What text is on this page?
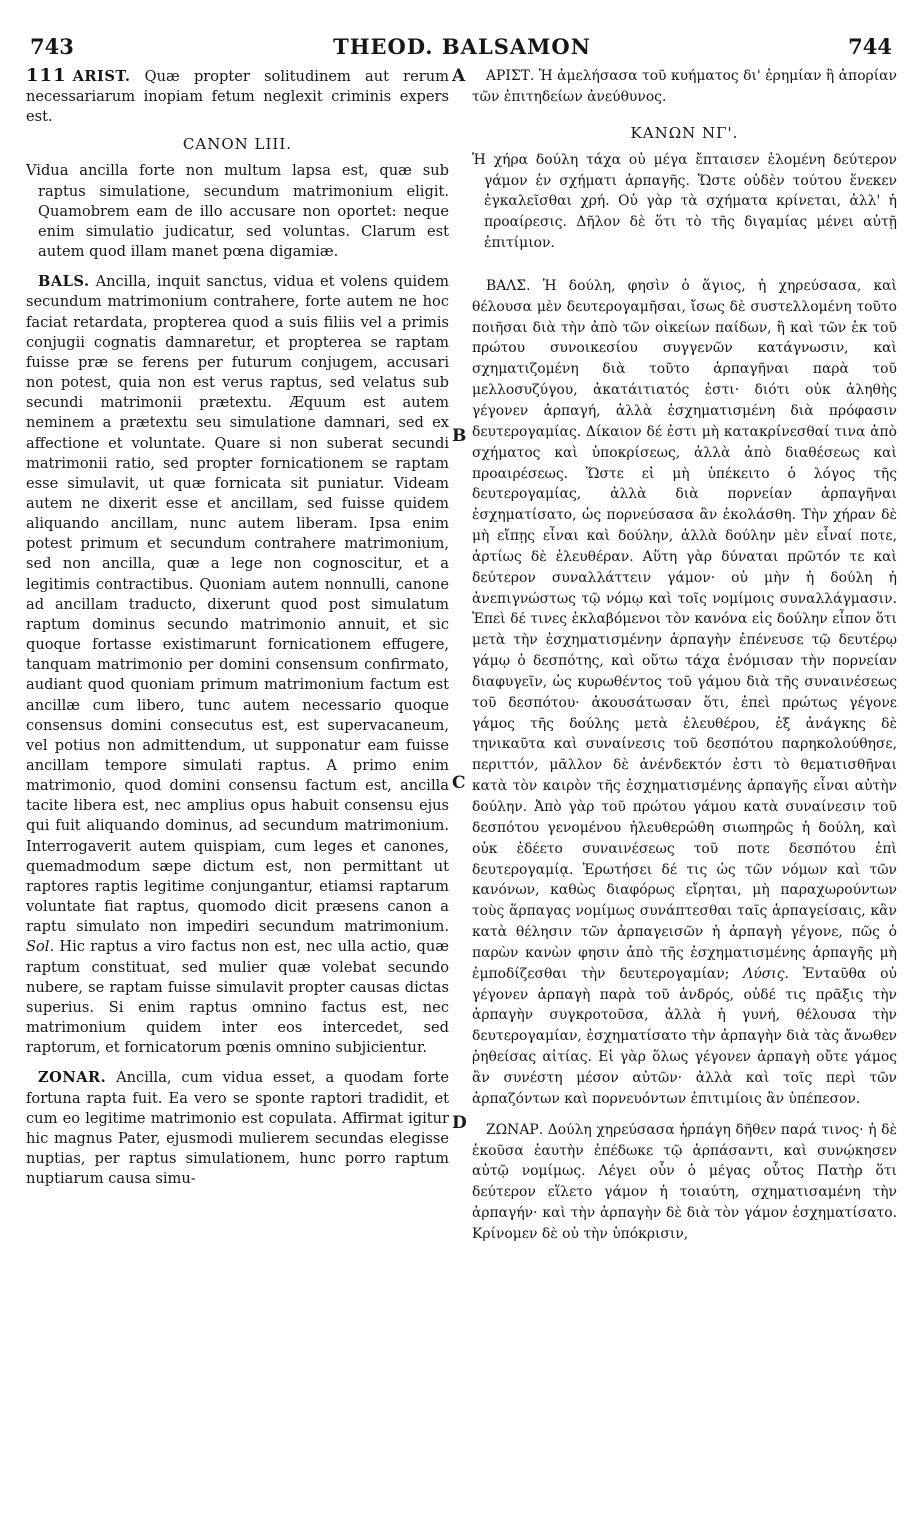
743	THEOD. BALSAMON	744
A
B
C
D

111 ARIST. Quæ propter solitudinem aut rerum necessariarum inopiam fetum neglexit criminis expers est.

CANON LIII.

Vidua ancilla forte non multum lapsa est, quæ sub raptus simulatione, secundum matrimonium eligit. Quamobrem eam de illo accusare non oportet: neque enim simulatio judicatur, sed voluntas. Clarum est autem quod illam manet pœna digamiæ.

BALS. Ancilla, inquit sanctus, vidua et volens quidem secundum matrimonium contrahere, forte autem ne hoc faciat retardata, propterea quod a suis filiis vel a primis conjugii cognatis damnaretur, et propterea se raptam fuisse præ se ferens per futurum conjugem, accusari non potest, quia non est verus raptus, sed velatus sub secundi matrimonii prætextu. Æquum est autem neminem a prætextu seu simulatione damnari, sed ex affectione et voluntate. Quare si non suberat secundi matrimonii ratio, sed propter fornicationem se raptam esse simulavit, ut quæ fornicata sit puniatur. Videam autem ne dixerit esse et ancillam, sed fuisse quidem aliquando ancillam, nunc autem liberam. Ipsa enim potest primum et secundum contrahere matrimonium, sed non ancilla, quæ a lege non cognoscitur, et a legitimis contractibus. Quoniam autem nonnulli, canone ad ancillam traducto, dixerunt quod post simulatum raptum dominus secundo matrimonio annuit, et sic quoque fortasse existimarunt fornicationem effugere, tanquam matrimonio per domini consensum confirmato, audiant quod quoniam primum matrimonium factum est ancillæ cum libero, tunc autem necessario quoque consensus domini consecutus est, est supervacaneum, vel potius non admittendum, ut supponatur eam fuisse ancillam tempore simulati raptus. A primo enim matrimonio, quod domini consensu factum est, ancilla tacite libera est, nec amplius opus habuit consensu ejus qui fuit aliquando dominus, ad secundum matrimonium. Interrogaverit autem quispiam, cum leges et canones, quemadmodum sæpe dictum est, non permittant ut raptores raptis legitime conjungantur, etiamsi raptarum voluntate fiat raptus, quomodo dicit præsens canon a raptu simulato non impediri secundum matrimonium. Sol. Hic raptus a viro factus non est, nec ulla actio, quæ raptum constituat, sed mulier quæ volebat secundo nubere, se raptam fuisse simulavit propter causas dictas superius. Si enim raptus omnino factus est, nec matrimonium quidem inter eos intercedet, sed raptorum, et fornicatorum pœnis omnino subjicientur.

ZONAR. Ancilla, cum vidua esset, a quodam forte fortuna rapta fuit. Ea vero se sponte raptori tradidit, et cum eo legitime matrimonio est copulata. Affirmat igitur hic magnus Pater, ejusmodi mulierem secundas elegisse nuptias, per raptus simulationem, hunc porro raptum nuptiarum causa simu-

ΑΡΙΣΤ. Ἡ ἀμελήσασα τοῦ κυήματος δι' ἐρημίαν ἢ ἀπορίαν τῶν ἐπιτηδείων ἀνεύθυνος.

ΚΑΝΩΝ ΝΓ'.

Ἡ χήρα δούλη τάχα οὐ μέγα ἔπταισεν ἑλομένη δεύτερον γάμον ἐν σχήματι ἁρπαγῆς. Ὥστε οὐδὲν τούτου ἕνεκεν ἐγκαλεῖσθαι χρή. Οὐ γὰρ τὰ σχήματα κρίνεται, ἀλλ' ἡ προαίρεσις. Δῆλον δὲ ὅτι τὸ τῆς διγαμίας μένει αὐτῇ ἐπιτίμιον.

ΒΑΛΣ. Ἡ δούλη, φησὶν ὁ ἅγιος, ἡ χηρεύσασα, καὶ θέλουσα μὲν δευτερογαμῆσαι, ἴσως δὲ συστελλομένη τοῦτο ποιῆσαι διὰ τὴν ἀπὸ τῶν οἰκείων παίδων, ἢ καὶ τῶν ἐκ τοῦ πρώτου συνοικεσίου συγγενῶν κατάγνωσιν, καὶ σχηματιζομένη διὰ τοῦτο ἁρπαγῆναι παρὰ τοῦ μελλοσυζύγου, ἀκατάιτιατός ἐστι· διότι οὐκ ἀληθὴς γέγονεν ἁρπαγή, ἀλλὰ ἐσχηματισμένη διὰ πρόφασιν δευτερογαμίας. Δίκαιον δέ ἐστι μὴ κατακρίνεσθαί τινα ἀπὸ σχήματος καὶ ὑποκρίσεως, ἀλλὰ ἀπὸ διαθέσεως καὶ προαιρέσεως. Ὥστε εἰ μὴ ὑπέκειτο ὁ λόγος τῆς δευτερογαμίας, ἀλλὰ διὰ πορνείαν ἁρπαγῆναι ἐσχηματίσατο, ὡς πορνεύσασα ἂν ἐκολάσθη. Τὴν χήραν δὲ μὴ εἴπῃς εἶναι καὶ δούλην, ἀλλὰ δούλην μὲν εἶναί ποτε, ἀρτίως δὲ ἐλευθέραν. Αὕτη γὰρ δύναται πρῶτόν τε καὶ δεύτερον συναλλάττειν γάμον· οὐ μὴν ἡ δούλη ἡ ἀνεπιγνώστως τῷ νόμῳ καὶ τοῖς νομίμοις συναλλάγμασιν. Ἐπεὶ δέ τινες ἐκλαβόμενοι τὸν κανόνα εἰς δούλην εἶπον ὅτι μετὰ τὴν ἐσχηματισμένην ἁρπαγὴν ἐπένευσε τῷ δευτέρῳ γάμῳ ὁ δεσπότης, καὶ οὕτω τάχα ἐνόμισαν τὴν πορνείαν διαφυγεῖν, ὡς κυρωθέντος τοῦ γάμου διὰ τῆς συναινέσεως τοῦ δεσπότου· ἀκουσάτωσαν ὅτι, ἐπεὶ πρώτως γέγονε γάμος τῆς δούλης μετὰ ἐλευθέρου, ἐξ ἀνάγκης δὲ τηνικαῦτα καὶ συναίνεσις τοῦ δεσπότου παρηκολούθησε, περιττόν, μᾶλλον δὲ ἀνένδεκτόν ἐστι τὸ θεματισθῆναι κατὰ τὸν καιρὸν τῆς ἐσχηματισμένης ἁρπαγῆς εἶναι αὐτὴν δούλην. Ἀπὸ γὰρ τοῦ πρώτου γάμου κατὰ συναίνεσιν τοῦ δεσπότου γενομένου ἠλευθερώθη σιωπηρῶς ἡ δούλη, καὶ οὐκ ἐδέετο συναινέσεως τοῦ ποτε δεσπότου ἐπὶ δευτερογαμίᾳ. Ἐρωτήσει δέ τις ὡς τῶν νόμων καὶ τῶν κανόνων, καθὼς διαφόρως εἴρηται, μὴ παραχωρούντων τοὺς ἅρπαγας νομίμως συνάπτεσθαι ταῖς ἁρπαγείσαις, κἂν κατὰ θέλησιν τῶν ἁρπαγεισῶν ἡ ἁρπαγὴ γέγονε, πῶς ὁ παρὼν κανὼν φησιν ἀπὸ τῆς ἐσχηματισμένης ἁρπαγῆς μὴ ἐμποδίζεσθαι τὴν δευτερογαμίαν; Λύσις. Ἐνταῦθα οὐ γέγονεν ἁρπαγὴ παρὰ τοῦ ἀνδρός, οὐδέ τις πρᾶξις τὴν ἁρπαγὴν συγκροτοῦσα, ἀλλὰ ἡ γυνή, θέλουσα τὴν δευτερογαμίαν, ἐσχηματίσατο τὴν ἁρπαγὴν διὰ τὰς ἄνωθεν ῥηθείσας αἰτίας. Εἰ γὰρ ὅλως γέγονεν ἁρπαγὴ οὔτε γάμος ἂν συνέστη μέσον αὐτῶν· ἀλλὰ καὶ τοῖς περὶ τῶν ἁρπαζόντων καὶ πορνευόντων ἐπιτιμίοις ἂν ὑπέπεσον.

ΖΩΝΑΡ. Δούλη χηρεύσασα ἡρπάγη δῆθεν παρά τινος· ἡ δὲ ἑκοῦσα ἑαυτὴν ἐπέδωκε τῷ ἁρπάσαντι, καὶ συνῴκησεν αὐτῷ νομίμως. Λέγει οὖν ὁ μέγας οὗτος Πατὴρ ὅτι δεύτερον εἵλετο γάμον ἡ τοιαύτη, σχηματισαμένη τὴν ἁρπαγήν· καὶ τὴν ἁρπαγὴν δὲ διὰ τὸν γάμον ἐσχηματίσατο. Κρίνομεν δὲ οὐ τὴν ὑπόκρισιν,
